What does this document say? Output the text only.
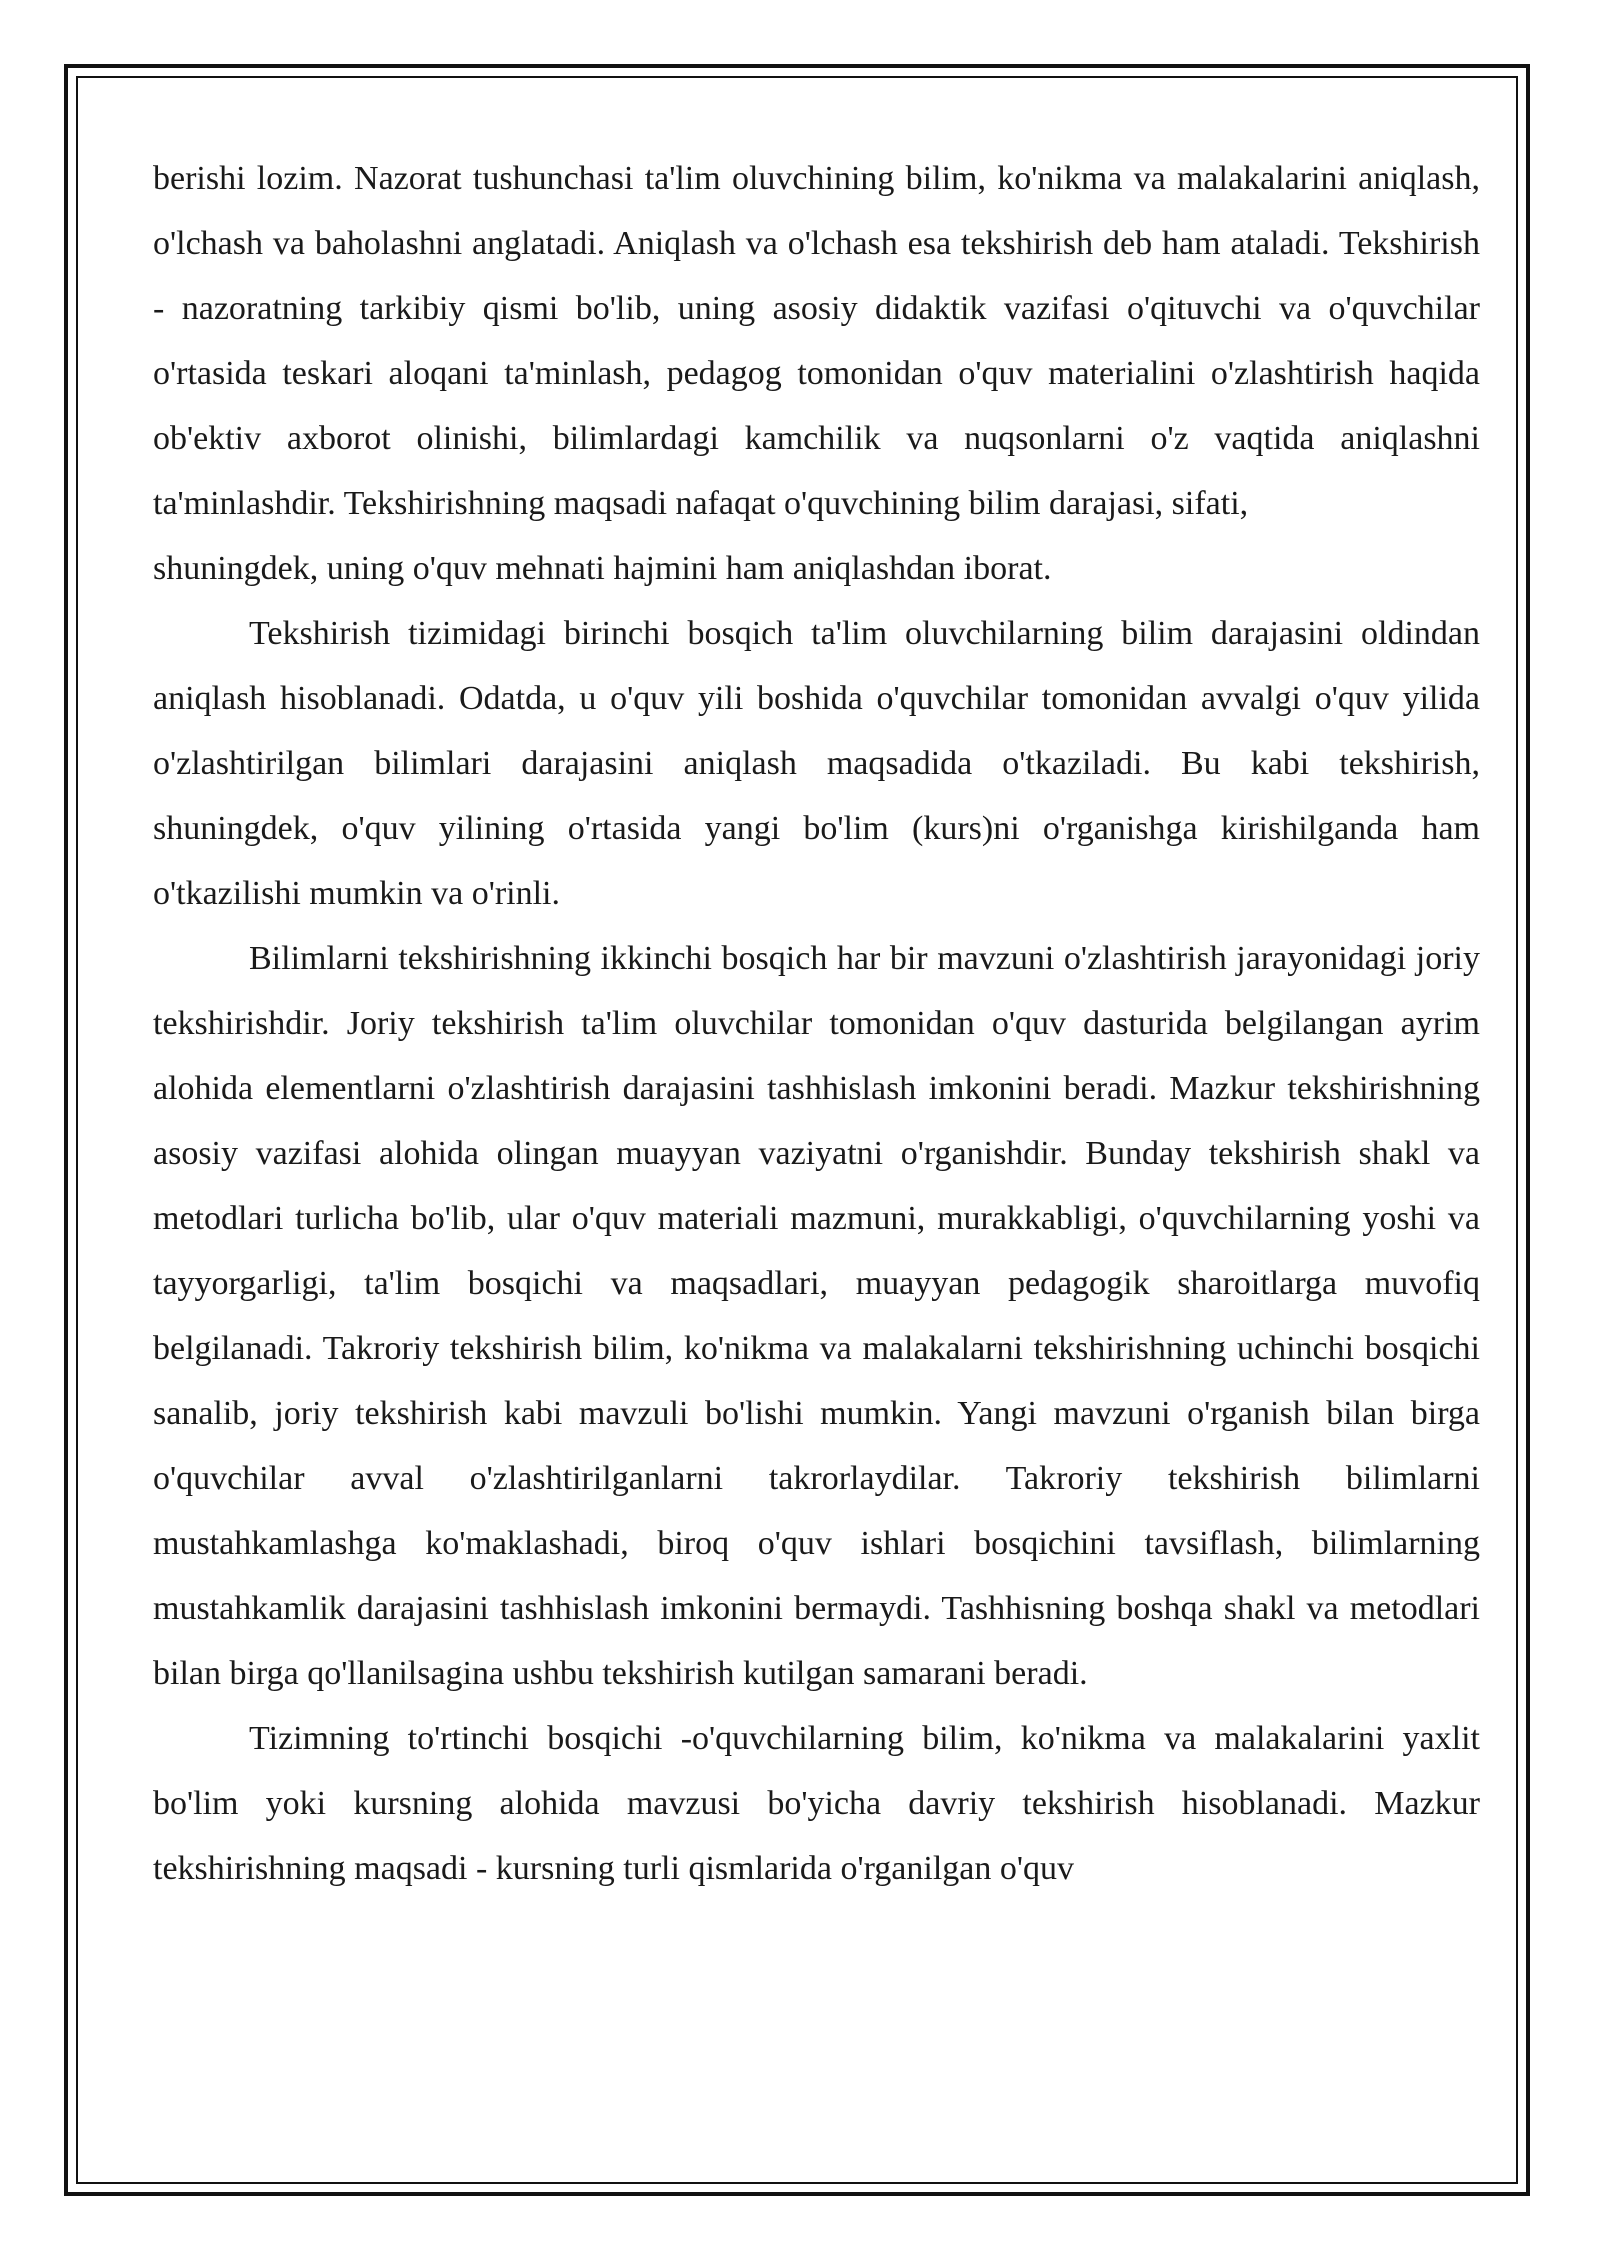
berishi lozim. Nazorat tushunchasi ta'lim oluvchining bilim, ko'nikma va malakalarini aniqlash, o'lchash va baholashni anglatadi. Aniqlash va o'lchash esa tekshirish deb ham ataladi. Tekshirish - nazoratning tarkibiy qismi bo'lib, uning asosiy didaktik vazifasi o'qituvchi va o'quvchilar o'rtasida teskari aloqani ta'minlash, pedagog tomonidan o'quv materialini o'zlashtirish haqida ob'ektiv axborot olinishi, bilimlardagi kamchilik va nuqsonlarni o'z vaqtida aniqlashni ta'minlashdir. Tekshirishning maqsadi nafaqat o'quvchining bilim darajasi, sifati,
shuningdek, uning o'quv mehnati hajmini ham aniqlashdan iborat.

Tekshirish tizimidagi birinchi bosqich ta'lim oluvchilarning bilim darajasini oldindan aniqlash hisoblanadi. Odatda, u o'quv yili boshida o'quvchilar tomonidan avvalgi o'quv yilida o'zlashtirilgan bilimlari darajasini aniqlash maqsadida o'tkaziladi. Bu kabi tekshirish, shuningdek, o'quv yilining o'rtasida yangi bo'lim (kurs)ni o'rganishga kirishilganda ham o'tkazilishi mumkin va o'rinli.

Bilimlarni tekshirishning ikkinchi bosqich har bir mavzuni o'zlashtirish jarayonidagi joriy tekshirishdir. Joriy tekshirish ta'lim oluvchilar tomonidan o'quv dasturida belgilangan ayrim alohida elementlarni o'zlashtirish darajasini tashhislash imkonini beradi. Mazkur tekshirishning asosiy vazifasi alohida olingan muayyan vaziyatni o'rganishdir. Bunday tekshirish shakl va metodlari turlicha bo'lib, ular o'quv materiali mazmuni, murakkabligi, o'quvchilarning yoshi va tayyorgarligi, ta'lim bosqichi va maqsadlari, muayyan pedagogik sharoitlarga muvofiq belgilanadi. Takroriy tekshirish bilim, ko'nikma va malakalarni tekshirishning uchinchi bosqichi sanalib, joriy tekshirish kabi mavzuli bo'lishi mumkin. Yangi mavzuni o'rganish bilan birga o'quvchilar avval o'zlashtirilganlarni takrorlaydilar. Takroriy tekshirish bilimlarni mustahkamlashga ko'maklashadi, biroq o'quv ishlari bosqichini tavsiflash, bilimlarning mustahkamlik darajasini tashhislash imkonini bermaydi. Tashhisning boshqa shakl va metodlari bilan birga qo'llanilsagina ushbu tekshirish kutilgan samarani beradi.

Tizimning to'rtinchi bosqichi -o'quvchilarning bilim, ko'nikma va malakalarini yaxlit bo'lim yoki kursning alohida mavzusi bo'yicha davriy tekshirish hisoblanadi. Mazkur tekshirishning maqsadi - kursning turli qismlarida o'rganilgan o'quv
